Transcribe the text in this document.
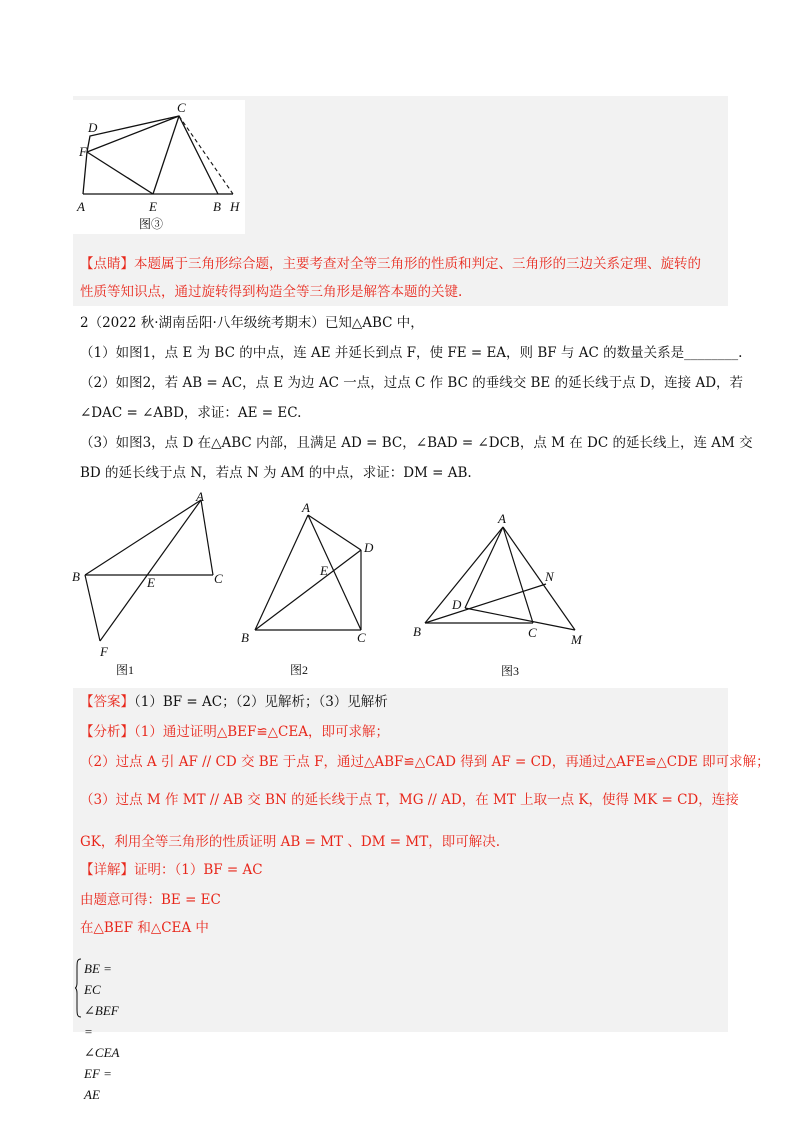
C
D
F
A	E	B H
图③
【点睛】本题属于三角形综合题，主要考查对全等三角形的性质和判定、三角形的三边关系定理、旋转的
性质等知识点，通过旋转得到构造全等三角形是解答本题的关键.
2（2022 秋·湖南岳阳·八年级统考期末）已知△ABC 中，
（1）如图1，点 E 为 BC 的中点，连 AE 并延长到点 F，使 FE = EA，则 BF 与 AC 的数量关系是________.
（2）如图2，若 AB = AC，点 E 为边 AC 一点，过点 C 作 BC 的垂线交 BE 的延长线于点 D，连接 AD，若
∠DAC = ∠ABD，求证：AE = EC.
（3）如图3，点 D 在△ABC 内部，且满足 AD = BC，∠BAD = ∠DCB，点 M 在 DC 的延长线上，连 AM 交
BD 的延长线于点 N，若点 N 为 AM 的中点，求证：DM = AB.
A
B	C
E
F
图1
A
D
E
B	C
图2
A
N
D
B	C	M
图3
【答案】（1）BF = AC；（2）见解析；（3）见解析
【分析】（1）通过证明△BEF≌△CEA，即可求解；
（2）过点 A 引 AF // CD 交 BE 于点 F，通过△ABF≌△CAD 得到 AF = CD，再通过△AFE≌△CDE 即可求解；
（3）过点 M 作 MT // AB 交 BN 的延长线于点 T，MG // AD，在 MT 上取一点 K，使得 MK = CD，连接
GK，利用全等三角形的性质证明 AB = MT 、DM = MT，即可解决.
【详解】证明：（1）BF = AC
由题意可得：BE = EC
在△BEF 和△CEA 中
BE = EC
∠BEF = ∠CEA
EF = AE
